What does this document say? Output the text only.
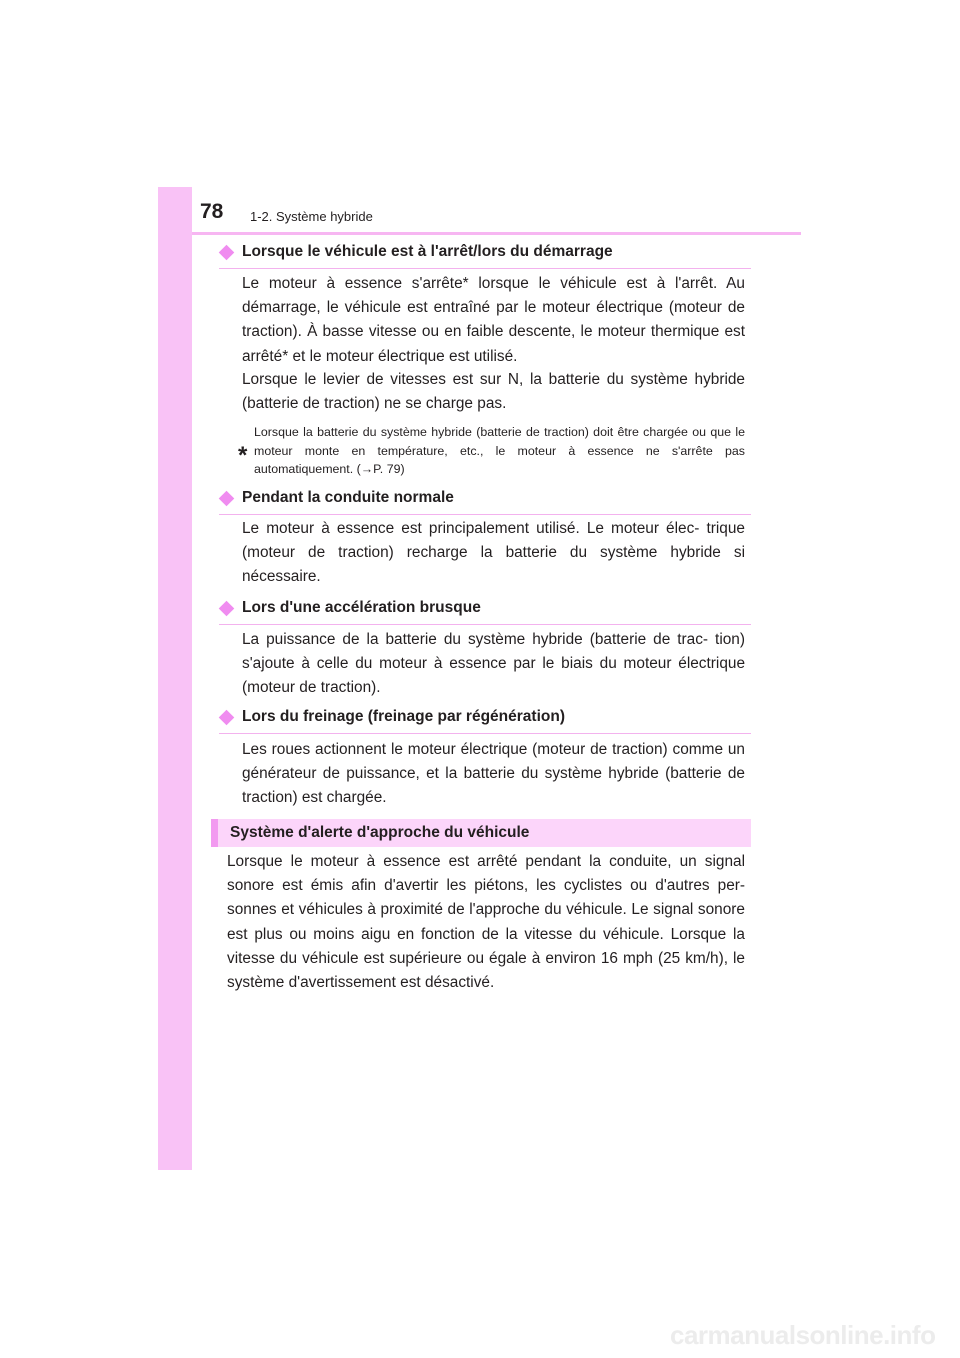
78 1-2. Système hybride
Lorsque le véhicule est à l'arrêt/lors du démarrage

Le moteur à essence s'arrête* lorsque le véhicule est à l'arrêt. Au démarrage, le véhicule est entraîné par le moteur électrique (moteur de traction). À basse vitesse ou en faible descente, le moteur thermique est arrêté* et le moteur électrique est utilisé.

Lorsque le levier de vitesses est sur N, la batterie du système hybride (batterie de traction) ne se charge pas.

*

Lorsque la batterie du système hybride (batterie de traction) doit être chargée ou que le moteur monte en température, etc., le moteur à essence ne s'arrête pas automatiquement. (→P. 79)

Pendant la conduite normale

Le moteur à essence est principalement utilisé. Le moteur élec- trique (moteur de traction) recharge la batterie du système hybride si nécessaire.

Lors d'une accélération brusque

La puissance de la batterie du système hybride (batterie de trac- tion) s'ajoute à celle du moteur à essence par le biais du moteur électrique (moteur de traction).

Lors du freinage (freinage par régénération)

Les roues actionnent le moteur électrique (moteur de traction) comme un générateur de puissance, et la batterie du système hybride (batterie de traction) est chargée.

Système d'alerte d'approche du véhicule

Lorsque le moteur à essence est arrêté pendant la conduite, un signal sonore est émis afin d'avertir les piétons, les cyclistes ou d'autres per- sonnes et véhicules à proximité de l'approche du véhicule. Le signal sonore est plus ou moins aigu en fonction de la vitesse du véhicule. Lorsque la vitesse du véhicule est supérieure ou égale à environ 16 mph (25 km/h), le système d'avertissement est désactivé.

carmanualsonline.info
